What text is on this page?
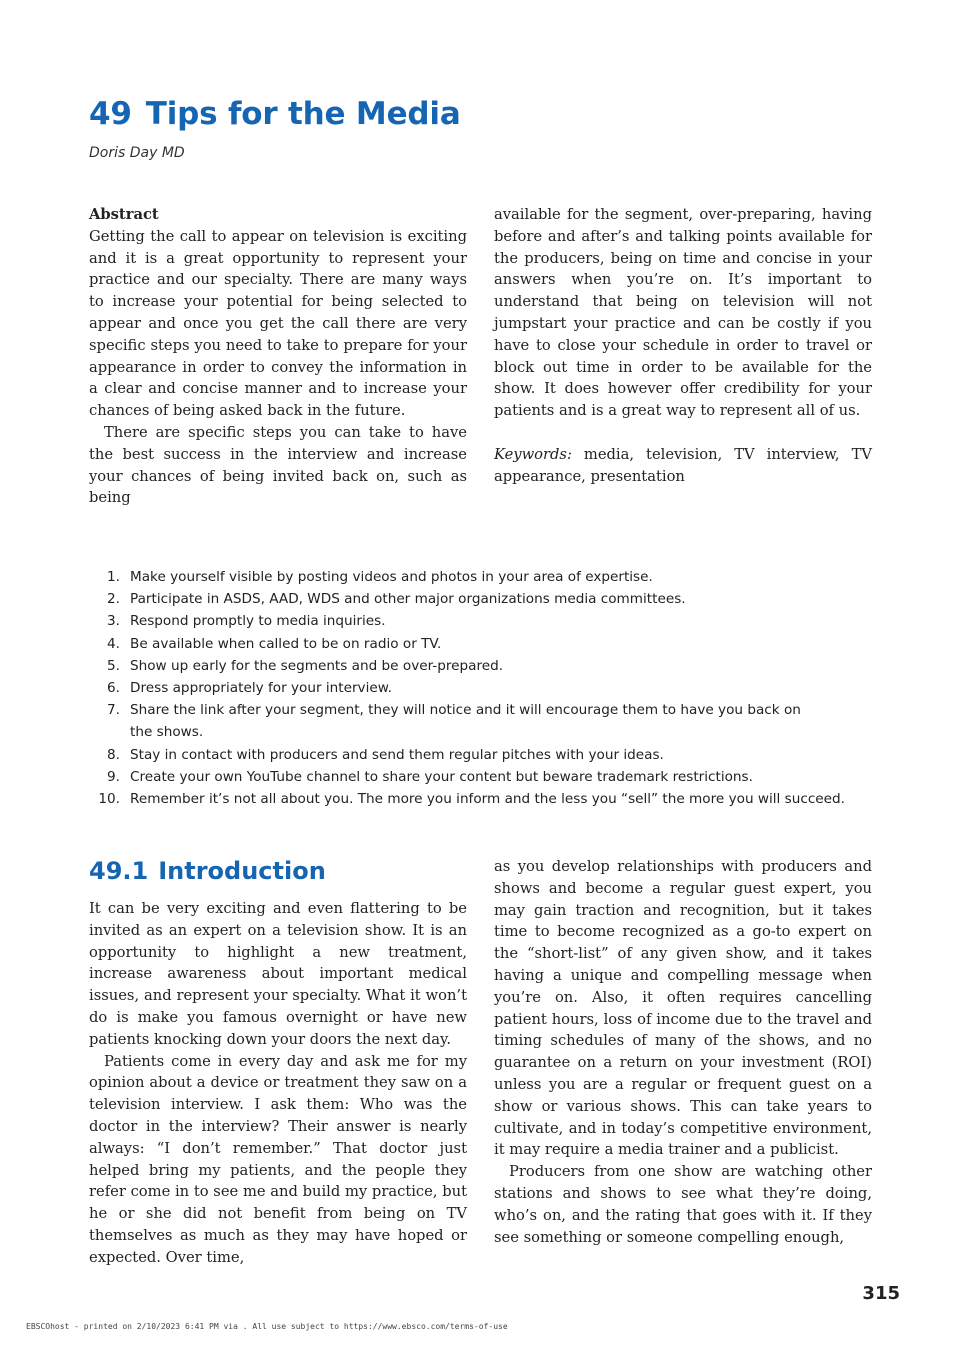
49 Tips for the Media
Doris Day MD
Abstract

Getting the call to appear on television is exciting and it is a great opportunity to represent your practice and our specialty. There are many ways to increase your potential for being selected to appear and once you get the call there are very specific steps you need to take to prepare for your appearance in order to convey the information in a clear and concise manner and to increase your chances of being asked back in the future.

There are specific steps you can take to have the best success in the interview and increase your chances of being invited back on, such as being

available for the segment, over-preparing, having before and after’s and talking points available for the producers, being on time and concise in your answers when you’re on. It’s important to understand that being on television will not jumpstart your practice and can be costly if you have to close your schedule in order to travel or block out time in order to be available for the show. It does however offer credibility for your patients and is a great way to represent all of us.

Keywords: media, television, TV interview, TV appearance, presentation

1. Make yourself visible by posting videos and photos in your area of expertise.
2. Participate in ASDS, AAD, WDS and other major organizations media committees.
3. Respond promptly to media inquiries.
4. Be available when called to be on radio or TV.
5. Show up early for the segments and be over-prepared.
6. Dress appropriately for your interview.
7. Share the link after your segment, they will notice and it will encourage them to have you back on the shows.
8. Stay in contact with producers and send them regular pitches with your ideas.
9. Create your own YouTube channel to share your content but beware trademark restrictions.
10. Remember it’s not all about you. The more you inform and the less you “sell” the more you will succeed.
49.1 Introduction

It can be very exciting and even flattering to be invited as an expert on a television show. It is an opportunity to highlight a new treatment, increase awareness about important medical issues, and represent your specialty. What it won’t do is make you famous overnight or have new patients knocking down your doors the next day.

Patients come in every day and ask me for my opinion about a device or treatment they saw on a television interview. I ask them: Who was the doctor in the interview? Their answer is nearly always: “I don’t remember.” That doctor just helped bring my patients, and the people they refer come in to see me and build my practice, but he or she did not benefit from being on TV themselves as much as they may have hoped or expected. Over time,

as you develop relationships with producers and shows and become a regular guest expert, you may gain traction and recognition, but it takes time to become recognized as a go-to expert on the “short-list” of any given show, and it takes having a unique and compelling message when you’re on. Also, it often requires cancelling patient hours, loss of income due to the travel and timing schedules of many of the shows, and no guarantee on a return on your investment (ROI) unless you are a regular or frequent guest on a show or various shows. This can take years to cultivate, and in today’s competitive environment, it may require a media trainer and a publicist.

Producers from one show are watching other stations and shows to see what they’re doing, who’s on, and the rating that goes with it. If they see something or someone compelling enough,

315
EBSCOhost - printed on 2/10/2023 6:41 PM via . All use subject to https://www.ebsco.com/terms-of-use
